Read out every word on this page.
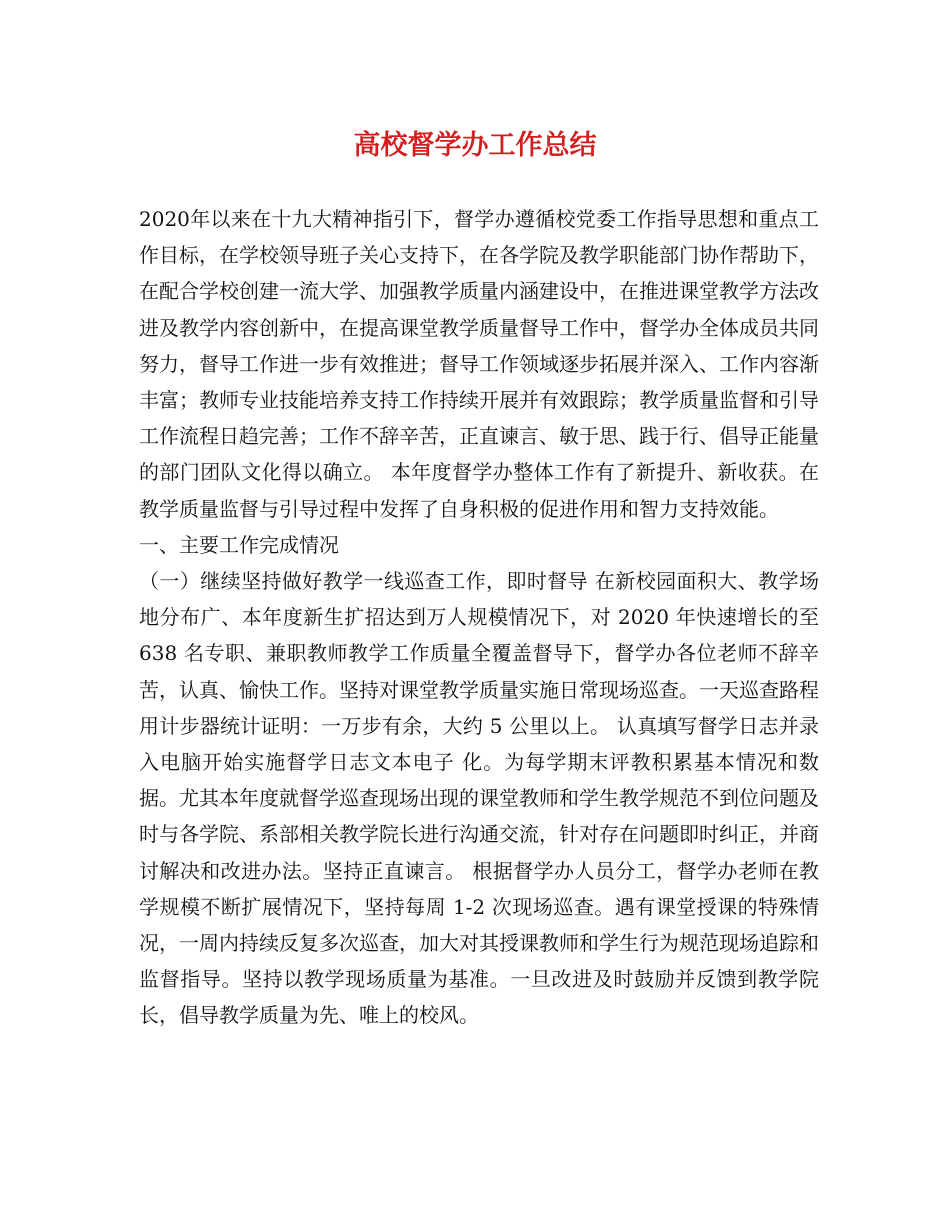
高校督学办工作总结

2020年以来在十九大精神指引下，督学办遵循校党委工作指导思想和重点工作目标，在学校领导班子关心支持下，在各学院及教学职能部门协作帮助下，在配合学校创建一流大学、加强教学质量内涵建设中，在推进课堂教学方法改进及教学内容创新中，在提高课堂教学质量督导工作中，督学办全体成员共同努力，督导工作进一步有效推进；督导工作领域逐步拓展并深入、工作内容渐丰富；教师专业技能培养支持工作持续开展并有效跟踪；教学质量监督和引导工作流程日趋完善；工作不辞辛苦，正直谏言、敏于思、践于行、倡导正能量的部门团队文化得以确立。 本年度督学办整体工作有了新提升、新收获。在教学质量监督与引导过程中发挥了自身积极的促进作用和智力支持效能。

一、主要工作完成情况

（一）继续坚持做好教学一线巡查工作，即时督导 在新校园面积大、教学场地分布广、本年度新生扩招达到万人规模情况下，对 2020 年快速增长的至 638 名专职、兼职教师教学工作质量全覆盖督导下，督学办各位老师不辞辛苦，认真、愉快工作。坚持对课堂教学质量实施日常现场巡查。一天巡查路程用计步器统计证明：一万步有余，大约 5 公里以上。 认真填写督学日志并录入电脑开始实施督学日志文本电子 化。为每学期末评教积累基本情况和数据。尤其本年度就督学巡查现场出现的课堂教师和学生教学规范不到位问题及时与各学院、系部相关教学院长进行沟通交流，针对存在问题即时纠正，并商讨解决和改进办法。坚持正直谏言。 根据督学办人员分工，督学办老师在教学规模不断扩展情况下，坚持每周 1-2 次现场巡查。遇有课堂授课的特殊情况，一周内持续反复多次巡查，加大对其授课教师和学生行为规范现场追踪和监督指导。坚持以教学现场质量为基准。一旦改进及时鼓励并反馈到教学院长，倡导教学质量为先、唯上的校风。
